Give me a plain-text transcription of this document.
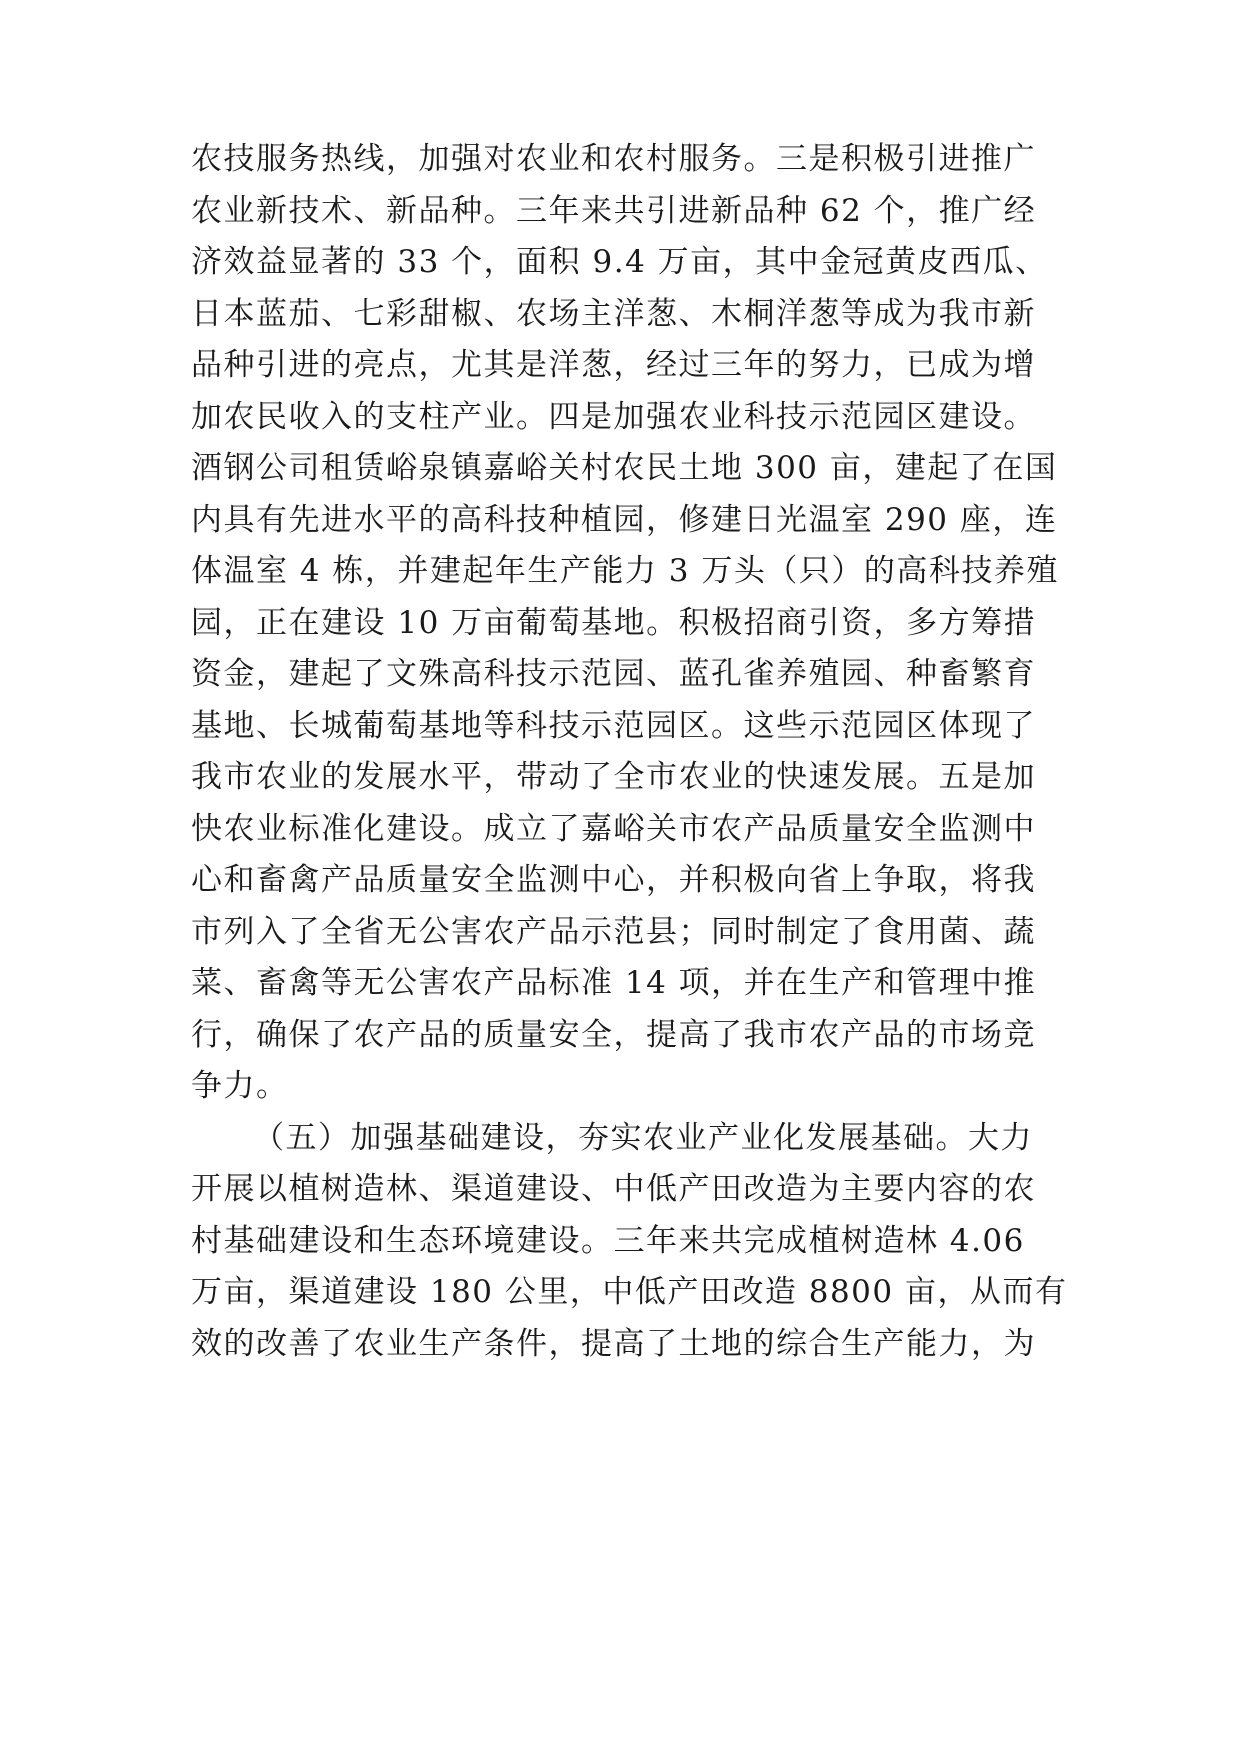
农技服务热线，加强对农业和农村服务。三是积极引进推广
农业新技术、新品种。三年来共引进新品种 62 个，推广经
济效益显著的 33 个，面积 9.4 万亩，其中金冠黄皮西瓜、
日本蓝茄、七彩甜椒、农场主洋葱、木桐洋葱等成为我市新
品种引进的亮点，尤其是洋葱，经过三年的努力，已成为增
加农民收入的支柱产业。四是加强农业科技示范园区建设。
酒钢公司租赁峪泉镇嘉峪关村农民土地 300 亩，建起了在国
内具有先进水平的高科技种植园，修建日光温室 290 座，连
体温室 4 栋，并建起年生产能力 3 万头（只）的高科技养殖
园，正在建设 10 万亩葡萄基地。积极招商引资，多方筹措
资金，建起了文殊高科技示范园、蓝孔雀养殖园、种畜繁育
基地、长城葡萄基地等科技示范园区。这些示范园区体现了
我市农业的发展水平，带动了全市农业的快速发展。五是加
快农业标准化建设。成立了嘉峪关市农产品质量安全监测中
心和畜禽产品质量安全监测中心，并积极向省上争取，将我
市列入了全省无公害农产品示范县；同时制定了食用菌、蔬
菜、畜禽等无公害农产品标准 14 项，并在生产和管理中推
行，确保了农产品的质量安全，提高了我市农产品的市场竞
争力。
（五）加强基础建设，夯实农业产业化发展基础。大力
开展以植树造林、渠道建设、中低产田改造为主要内容的农
村基础建设和生态环境建设。三年来共完成植树造林 4.06
万亩，渠道建设 180 公里，中低产田改造 8800 亩，从而有
效的改善了农业生产条件，提高了土地的综合生产能力，为
